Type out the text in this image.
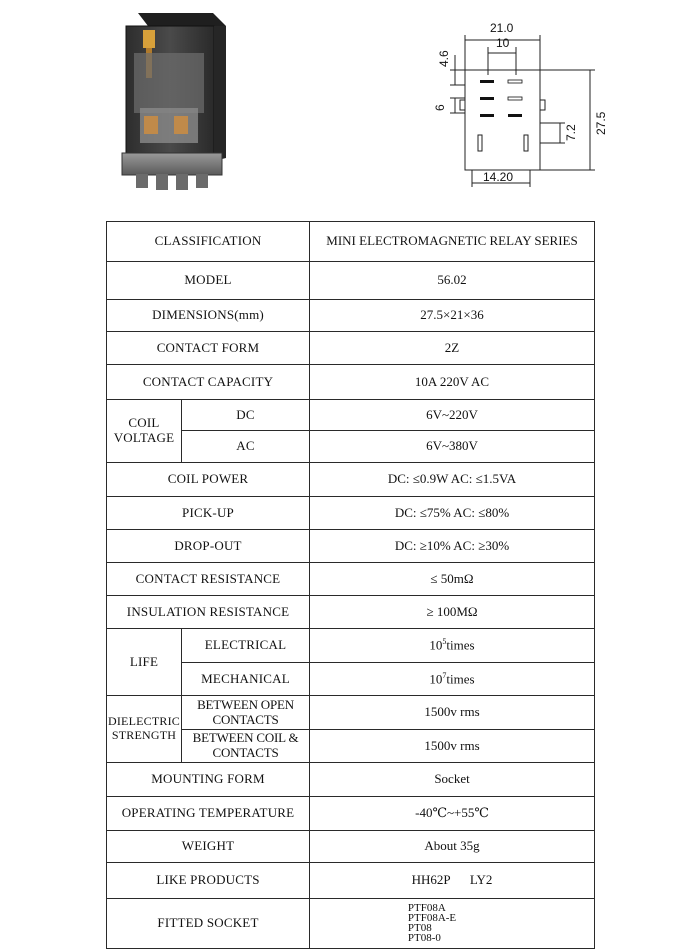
21.0
10
4.6
6
27.5
7.2
14.20
CLASSIFICATION		MINI ELECTROMAGNETIC RELAY SERIES
MODEL		56.02
DIMENSIONS(mm)		27.5×21×36
CONTACT FORM		2Z
CONTACT CAPACITY		10A 220V AC
COIL
VOLTAGE	DC	6V~220V
	AC	6V~380V
COIL POWER		DC: ≤0.9W AC: ≤1.5VA
PICK-UP		DC: ≤75% AC: ≤80%
DROP-OUT		DC: ≥10% AC: ≥30%
CONTACT RESISTANCE		≤ 50mΩ
INSULATION RESISTANCE		≥ 100MΩ
LIFE	ELECTRICAL	$10^5times$
	MECHANICAL	$10^7times$
DIELECTRIC
STRENGTH	BETWEEN OPEN CONTACTS	1500v rms
	BETWEEN COIL & CONTACTS	1500v rms
MOUNTING FORM		Socket
OPERATING TEMPERATURE		-40℃~+55℃
WEIGHT		About 35g
LIKE PRODUCTS		HH62P LY2
FITTED SOCKET		PTF08A
PTF08A-E
PT08
PT08-0
